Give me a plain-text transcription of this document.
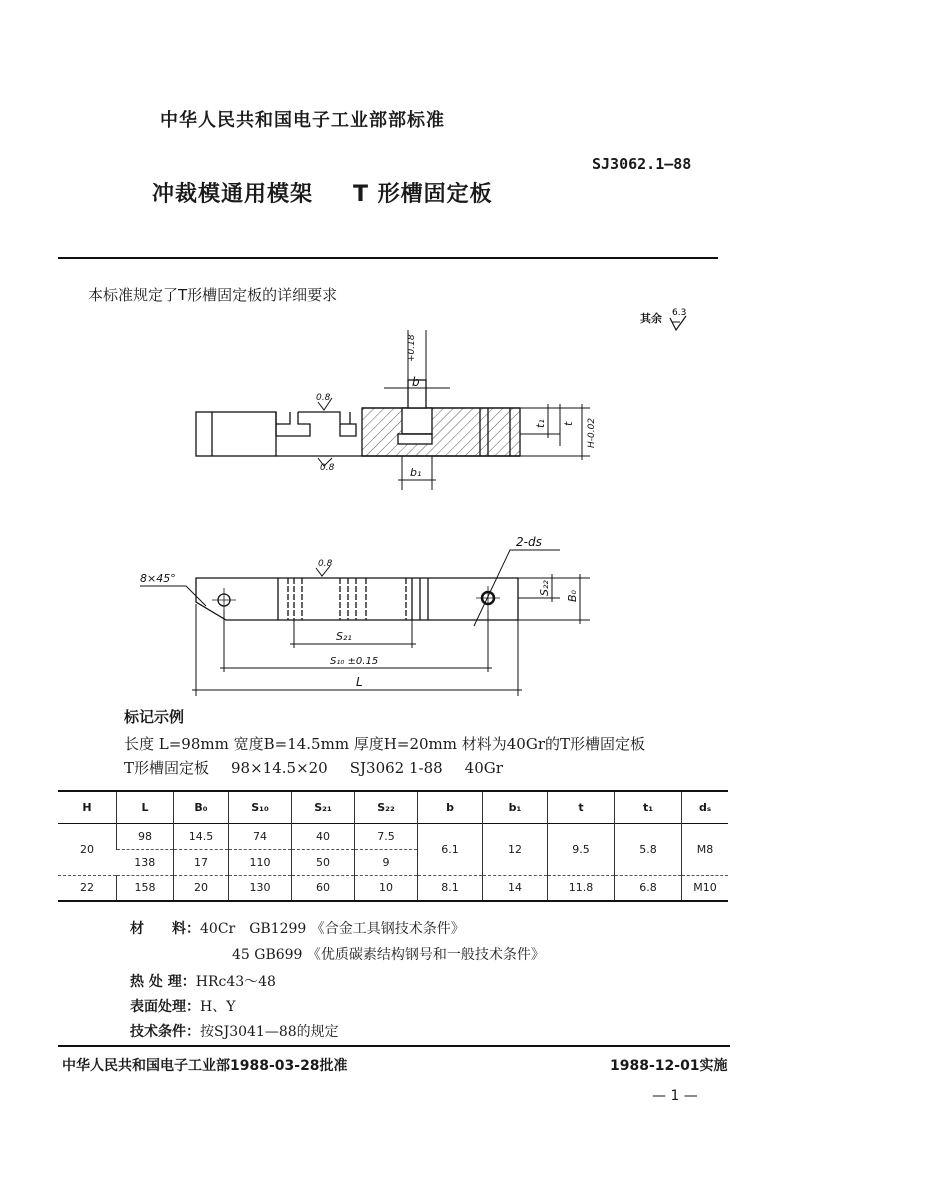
中华人民共和国电子工业部部标准
SJ3062.1—88
冲裁模通用模架 T 形槽固定板
本标准规定了T形槽固定板的详细要求
其余 6.3
b
+0.18
b₁
t₁ t H-0.02
0.8
0.8
8×45°
2-ds
S₂₂
B₀
0.8
S₂₁
S₁₀ ±0.15
L
标记示例
长度 L=98mm 宽度B=14.5mm 厚度H=20mm 材料为40Gr的T形槽固定板
T形槽固定板 98×14.5×20 SJ3062 1-88 40Gr
H	L	B₀	S₁₀	S₂₁	S₂₂	b	b₁	t	t₁	dₛ
20	98	14.5	74	40	7.5	6.1	12	9.5	5.8	M8
	138	17	110	50	9					
22	158	20	130	60	10	8.1	14	11.8	6.8	M10
材　　料：40Cr　GB1299 《合金工具钢技术条件》
45 GB699 《优质碳素结构钢号和一般技术条件》
热 处 理：HRc43～48
表面处理：H、Y
技术条件：按SJ3041—88的规定
中华人民共和国电子工业部1988-03-28批准	1988-12-01实施
— 1 —
